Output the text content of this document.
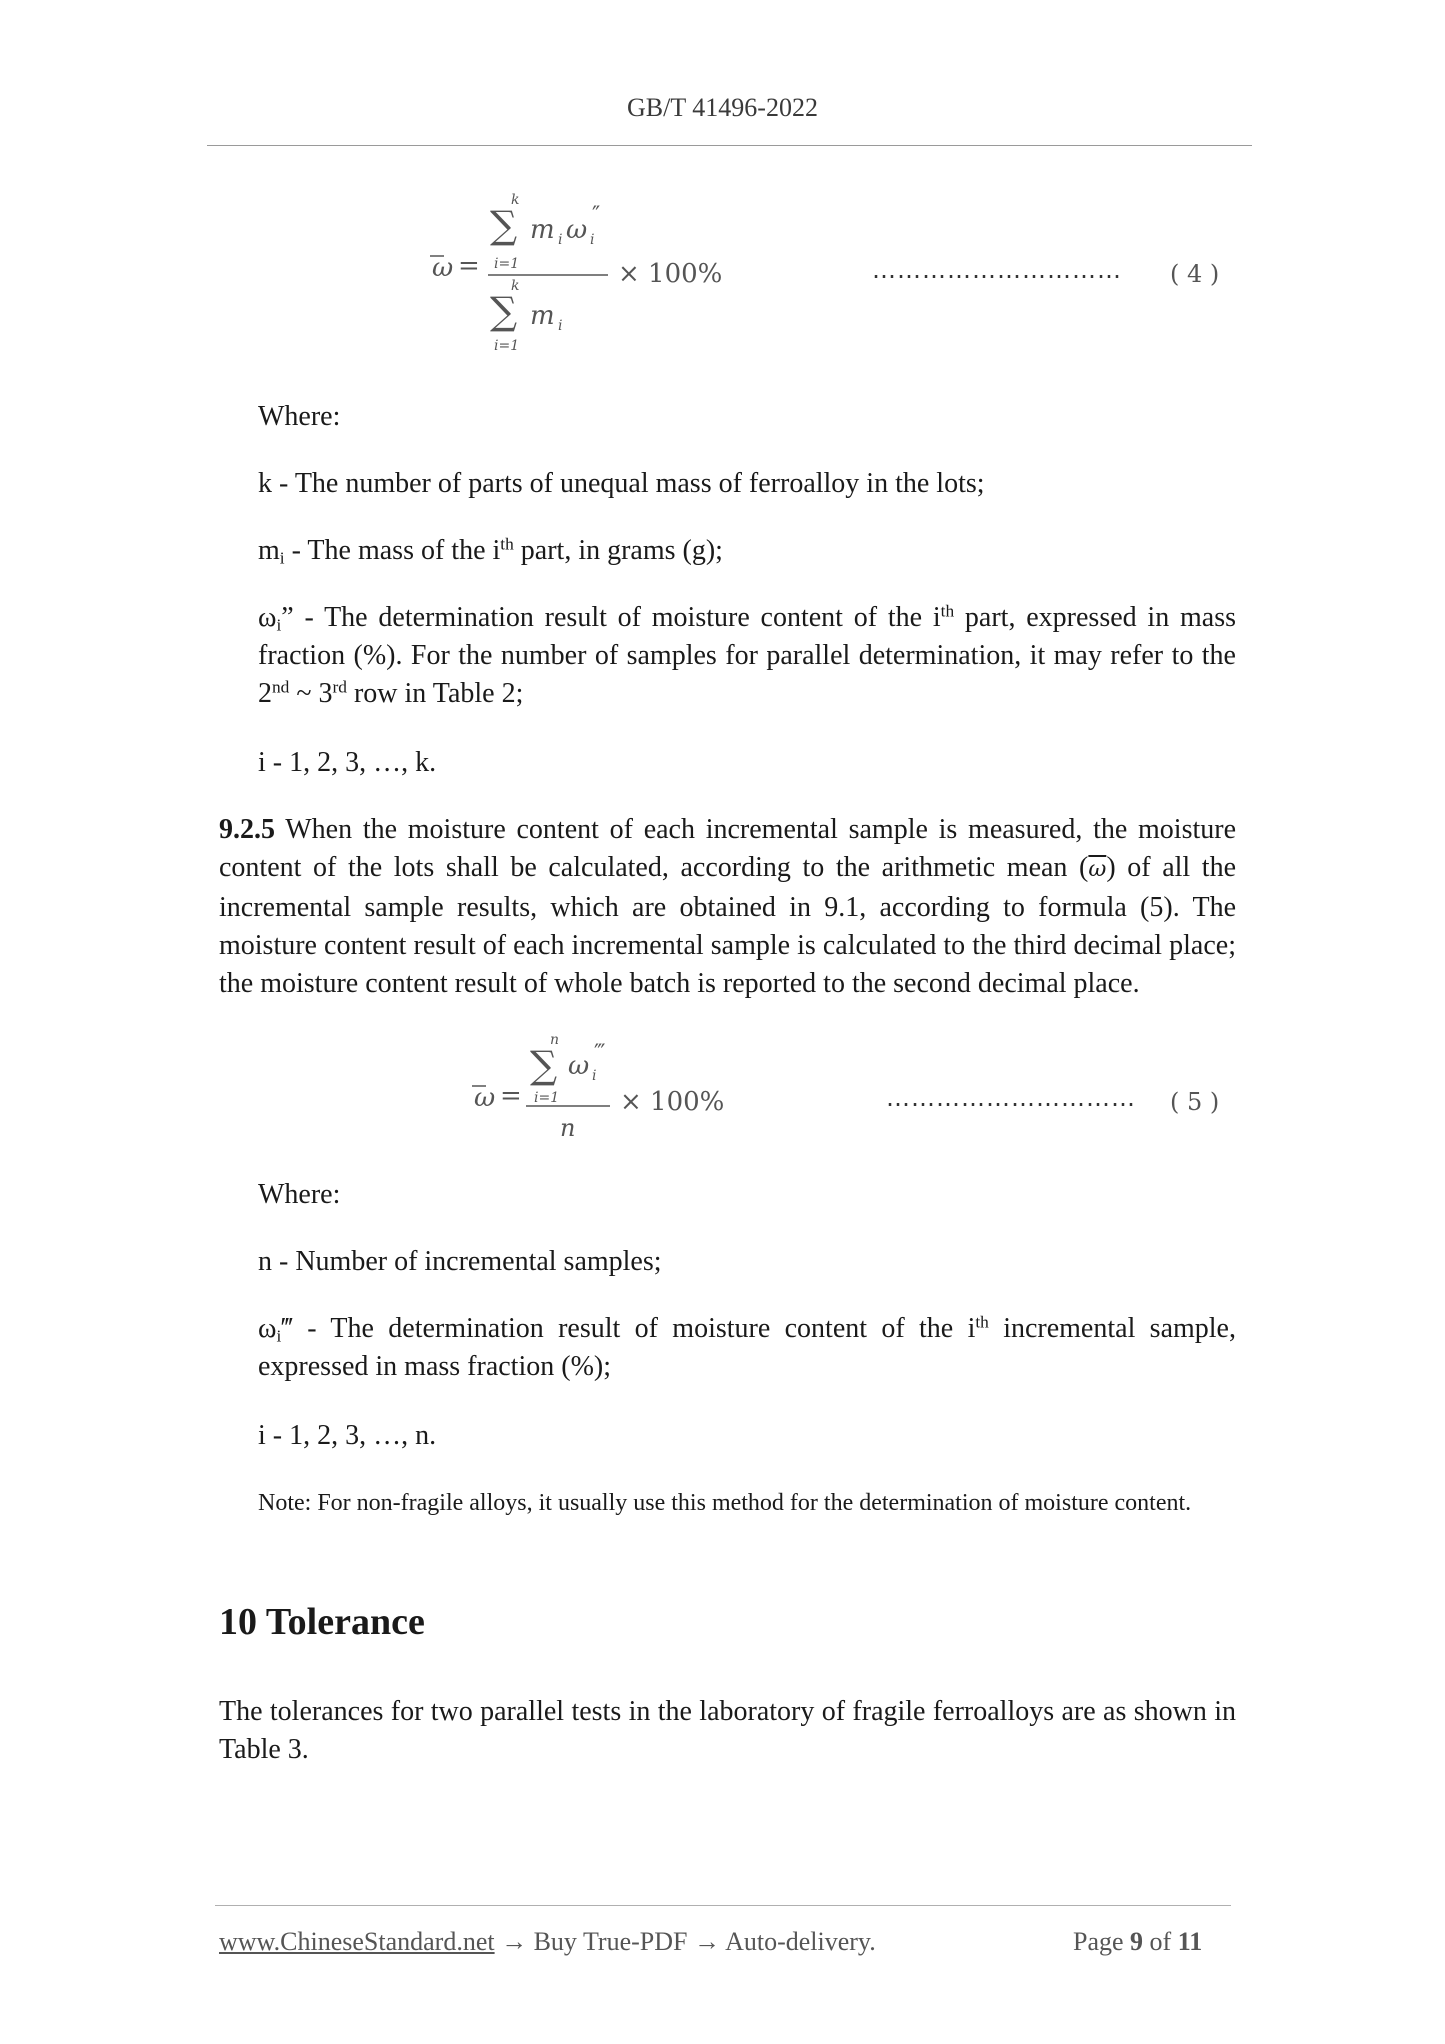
GB/T 41496-2022
ω =
k
∑
i=1
m i ω i
″
k
∑
i=1
m i
× 100%	………………………… ( 4 )
Where:
k - The number of parts of unequal mass of ferroalloy in the lots;
$m_i$ - The mass of the $i^{th}$ part, in grams (g);
$\omega_i$” - The determination result of moisture content of the $i^{th}$ part, expressed in mass fraction (%). For the number of samples for parallel determination, it may refer to the 2nd ~ 3rd row in Table 2;
i - 1, 2, 3, …, k.
9.2.5 When the moisture content of each incremental sample is measured, the moisture content of the lots shall be calculated, according to the arithmetic mean $(\overline{\omega})$ of all the incremental sample results, which are obtained in 9.1, according to formula (5). The moisture content result of each incremental sample is calculated to the third decimal place; the moisture content result of whole batch is reported to the second decimal place.
ω =
n
∑
i=1
ω i
‴
n
× 100%	………………………… ( 5 )
Where:
n - Number of incremental samples;
$\omega_i‴$ - The determination result of moisture content of the $i^{th}$ incremental sample, expressed in mass fraction (%);
i - 1, 2, 3, …, n.
Note: For non-fragile alloys, it usually use this method for the determination of moisture content.
10 Tolerance
The tolerances for two parallel tests in the laboratory of fragile ferroalloys are as shown in Table 3.
www.ChineseStandard.net → Buy True-PDF → Auto-delivery.	Page 9 of 11
